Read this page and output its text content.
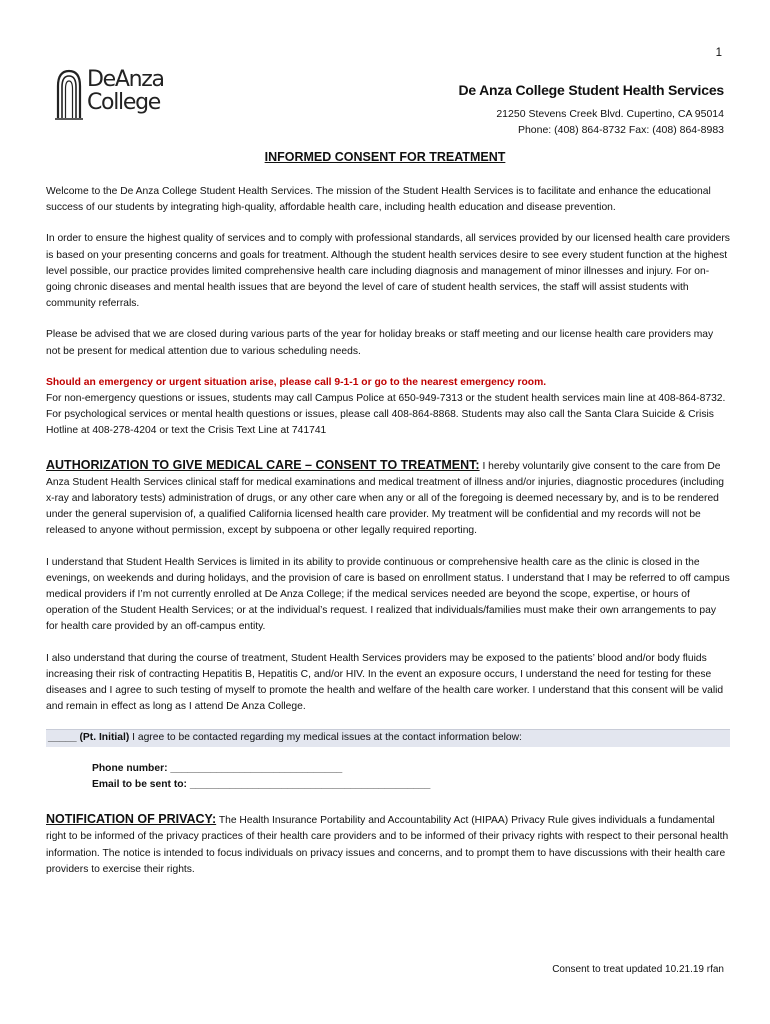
1
DeAnza
College	De Anza College Student Health Services
21250 Stevens Creek Blvd. Cupertino, CA 95014
Phone: (408) 864-8732 Fax: (408) 864-8983
INFORMED CONSENT FOR TREATMENT

Welcome to the De Anza College Student Health Services. The mission of the Student Health Services is to facilitate and enhance the educational success of our students by integrating high-quality, affordable health care, including health education and disease prevention.

In order to ensure the highest quality of services and to comply with professional standards, all services provided by our licensed health care providers is based on your presenting concerns and goals for treatment. Although the student health services desire to see every student function at the highest level possible, our practice provides limited comprehensive health care including diagnosis and management of minor illnesses and injury. For on-going chronic diseases and mental health issues that are beyond the level of care of student health services, the staff will assist students with community referrals.

Please be advised that we are closed during various parts of the year for holiday breaks or staff meeting and our license health care providers may not be present for medical attention due to various scheduling needs.

Should an emergency or urgent situation arise, please call 9-1-1 or go to the nearest emergency room.

For non-emergency questions or issues, students may call Campus Police at 650-949-7313 or the student health services main line at 408-864-8732.

For psychological services or mental health questions or issues, please call 408-864-8868. Students may also call the Santa Clara Suicide & Crisis Hotline at 408-278-4204 or text the Crisis Text Line at 741741

AUTHORIZATION TO GIVE MEDICAL CARE – CONSENT TO TREATMENT: I hereby voluntarily give consent to the care from De Anza Student Health Services clinical staff for medical examinations and medical treatment of illness and/or injuries, diagnostic procedures (including x-ray and laboratory tests) administration of drugs, or any other care when any or all of the foregoing is deemed necessary by, and is to be rendered under the general supervision of, a qualified California licensed health care provider. My treatment will be confidential and my records will not be released to anyone without permission, except by subpoena or other legally required reporting.

I understand that Student Health Services is limited in its ability to provide continuous or comprehensive health care as the clinic is closed in the evenings, on weekends and during holidays, and the provision of care is based on enrollment status. I understand that I may be referred to off campus medical providers if I’m not currently enrolled at De Anza College; if the medical services needed are beyond the scope, expertise, or hours of operation of the Student Health Services; or at the individual’s request. I realized that individuals/families must make their own arrangements to pay for health care provided by an off-campus entity.

I also understand that during the course of treatment, Student Health Services providers may be exposed to the patients’ blood and/or body fluids increasing their risk of contracting Hepatitis B, Hepatitis C, and/or HIV. In the event an exposure occurs, I understand the need for testing for these diseases and I agree to such testing of myself to promote the health and welfare of the health care worker. I understand that this consent will be valid and remain in effect as long as I attend De Anza College.

_____ (Pt. Initial) I agree to be contacted regarding my medical issues at the contact information below:

Phone number: ______________________________
Email to be sent to: __________________________________________

NOTIFICATION OF PRIVACY: The Health Insurance Portability and Accountability Act (HIPAA) Privacy Rule gives individuals a fundamental right to be informed of the privacy practices of their health care providers and to be informed of their privacy rights with respect to their personal health information. The notice is intended to focus individuals on privacy issues and concerns, and to prompt them to have discussions with their health care providers to exercise their rights.

Consent to treat updated 10.21.19 rfan
